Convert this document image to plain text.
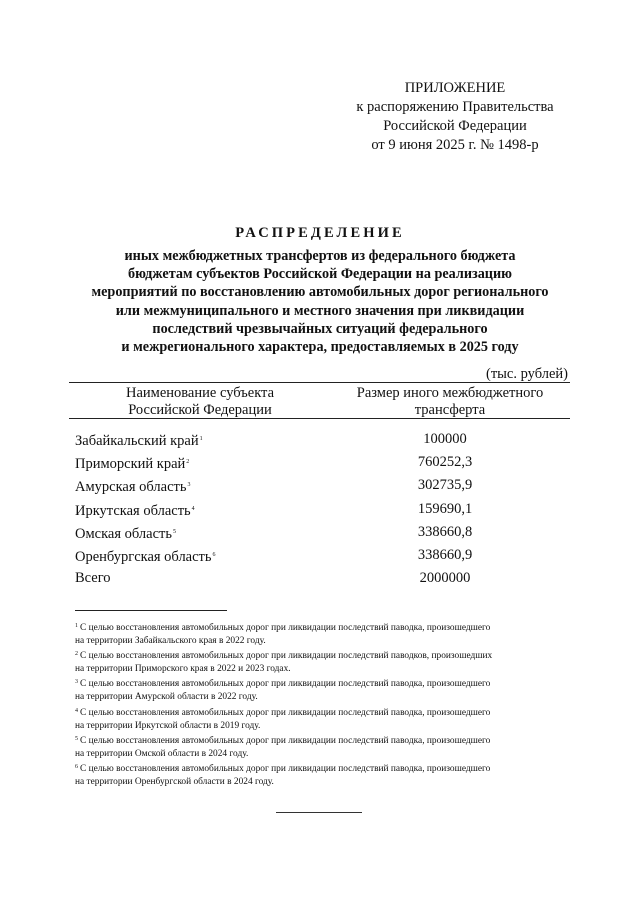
ПРИЛОЖЕНИЕ
к распоряжению Правительства
Российской Федерации
от 9 июня 2025 г. № 1498-р
РАСПРЕДЕЛЕНИЕ
иных межбюджетных трансфертов из федерального бюджета
бюджетам субъектов Российской Федерации на реализацию
мероприятий по восстановлению автомобильных дорог регионального
или межмуниципального и местного значения при ликвидации
последствий чрезвычайных ситуаций федерального
и межрегионального характера, предоставляемых в 2025 году
(тыс. рублей)
Наименование субъекта
Российской Федерации
Размер иного межбюджетного
трансферта
Забайкальский край$^1$	100000
Приморский край$^2$	760252,3
Амурская область$^3$	302735,9
Иркутская область$^4$	159690,1
Омская область$^5$	338660,8
Оренбургская область$^6$	338660,9
Всего	2000000
$^1$ С целью восстановления автомобильных дорог при ликвидации последствий паводка, произошедшего
на территории Забайкальского края в 2022 году.
$^2$ С целью восстановления автомобильных дорог при ликвидации последствий паводков, произошедших
на территории Приморского края в 2022 и 2023 годах.
$^3$ С целью восстановления автомобильных дорог при ликвидации последствий паводка, произошедшего
на территории Амурской области в 2022 году.
$^4$ С целью восстановления автомобильных дорог при ликвидации последствий паводка, произошедшего
на территории Иркутской области в 2019 году.
$^5$ С целью восстановления автомобильных дорог при ликвидации последствий паводка, произошедшего
на территории Омской области в 2024 году.
$^6$ С целью восстановления автомобильных дорог при ликвидации последствий паводка, произошедшего
на территории Оренбургской области в 2024 году.
